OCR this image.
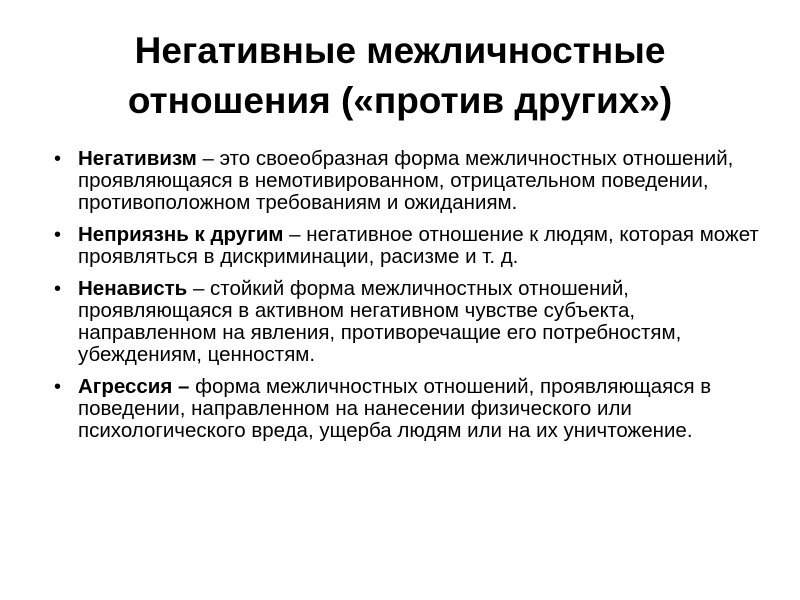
Негативные межличностные
отношения («против других»)
• Негативизм – это своеобразная форма межличностных отношений, проявляющаяся в немотивированном, отрицательном поведении, противоположном требованиям и ожиданиям.
• Неприязнь к другим – негативное отношение к людям, которая может проявляться в дискриминации, расизме и т. д.
• Ненависть – стойкий форма межличностных отношений, проявляющаяся в активном негативном чувстве субъекта, направленном на явления, противоречащие его потребностям, убеждениям, ценностям.
• Агрессия – форма межличностных отношений, проявляющаяся в поведении, направленном на нанесении физического или психологического вреда, ущерба людям или на их уничтожение.
